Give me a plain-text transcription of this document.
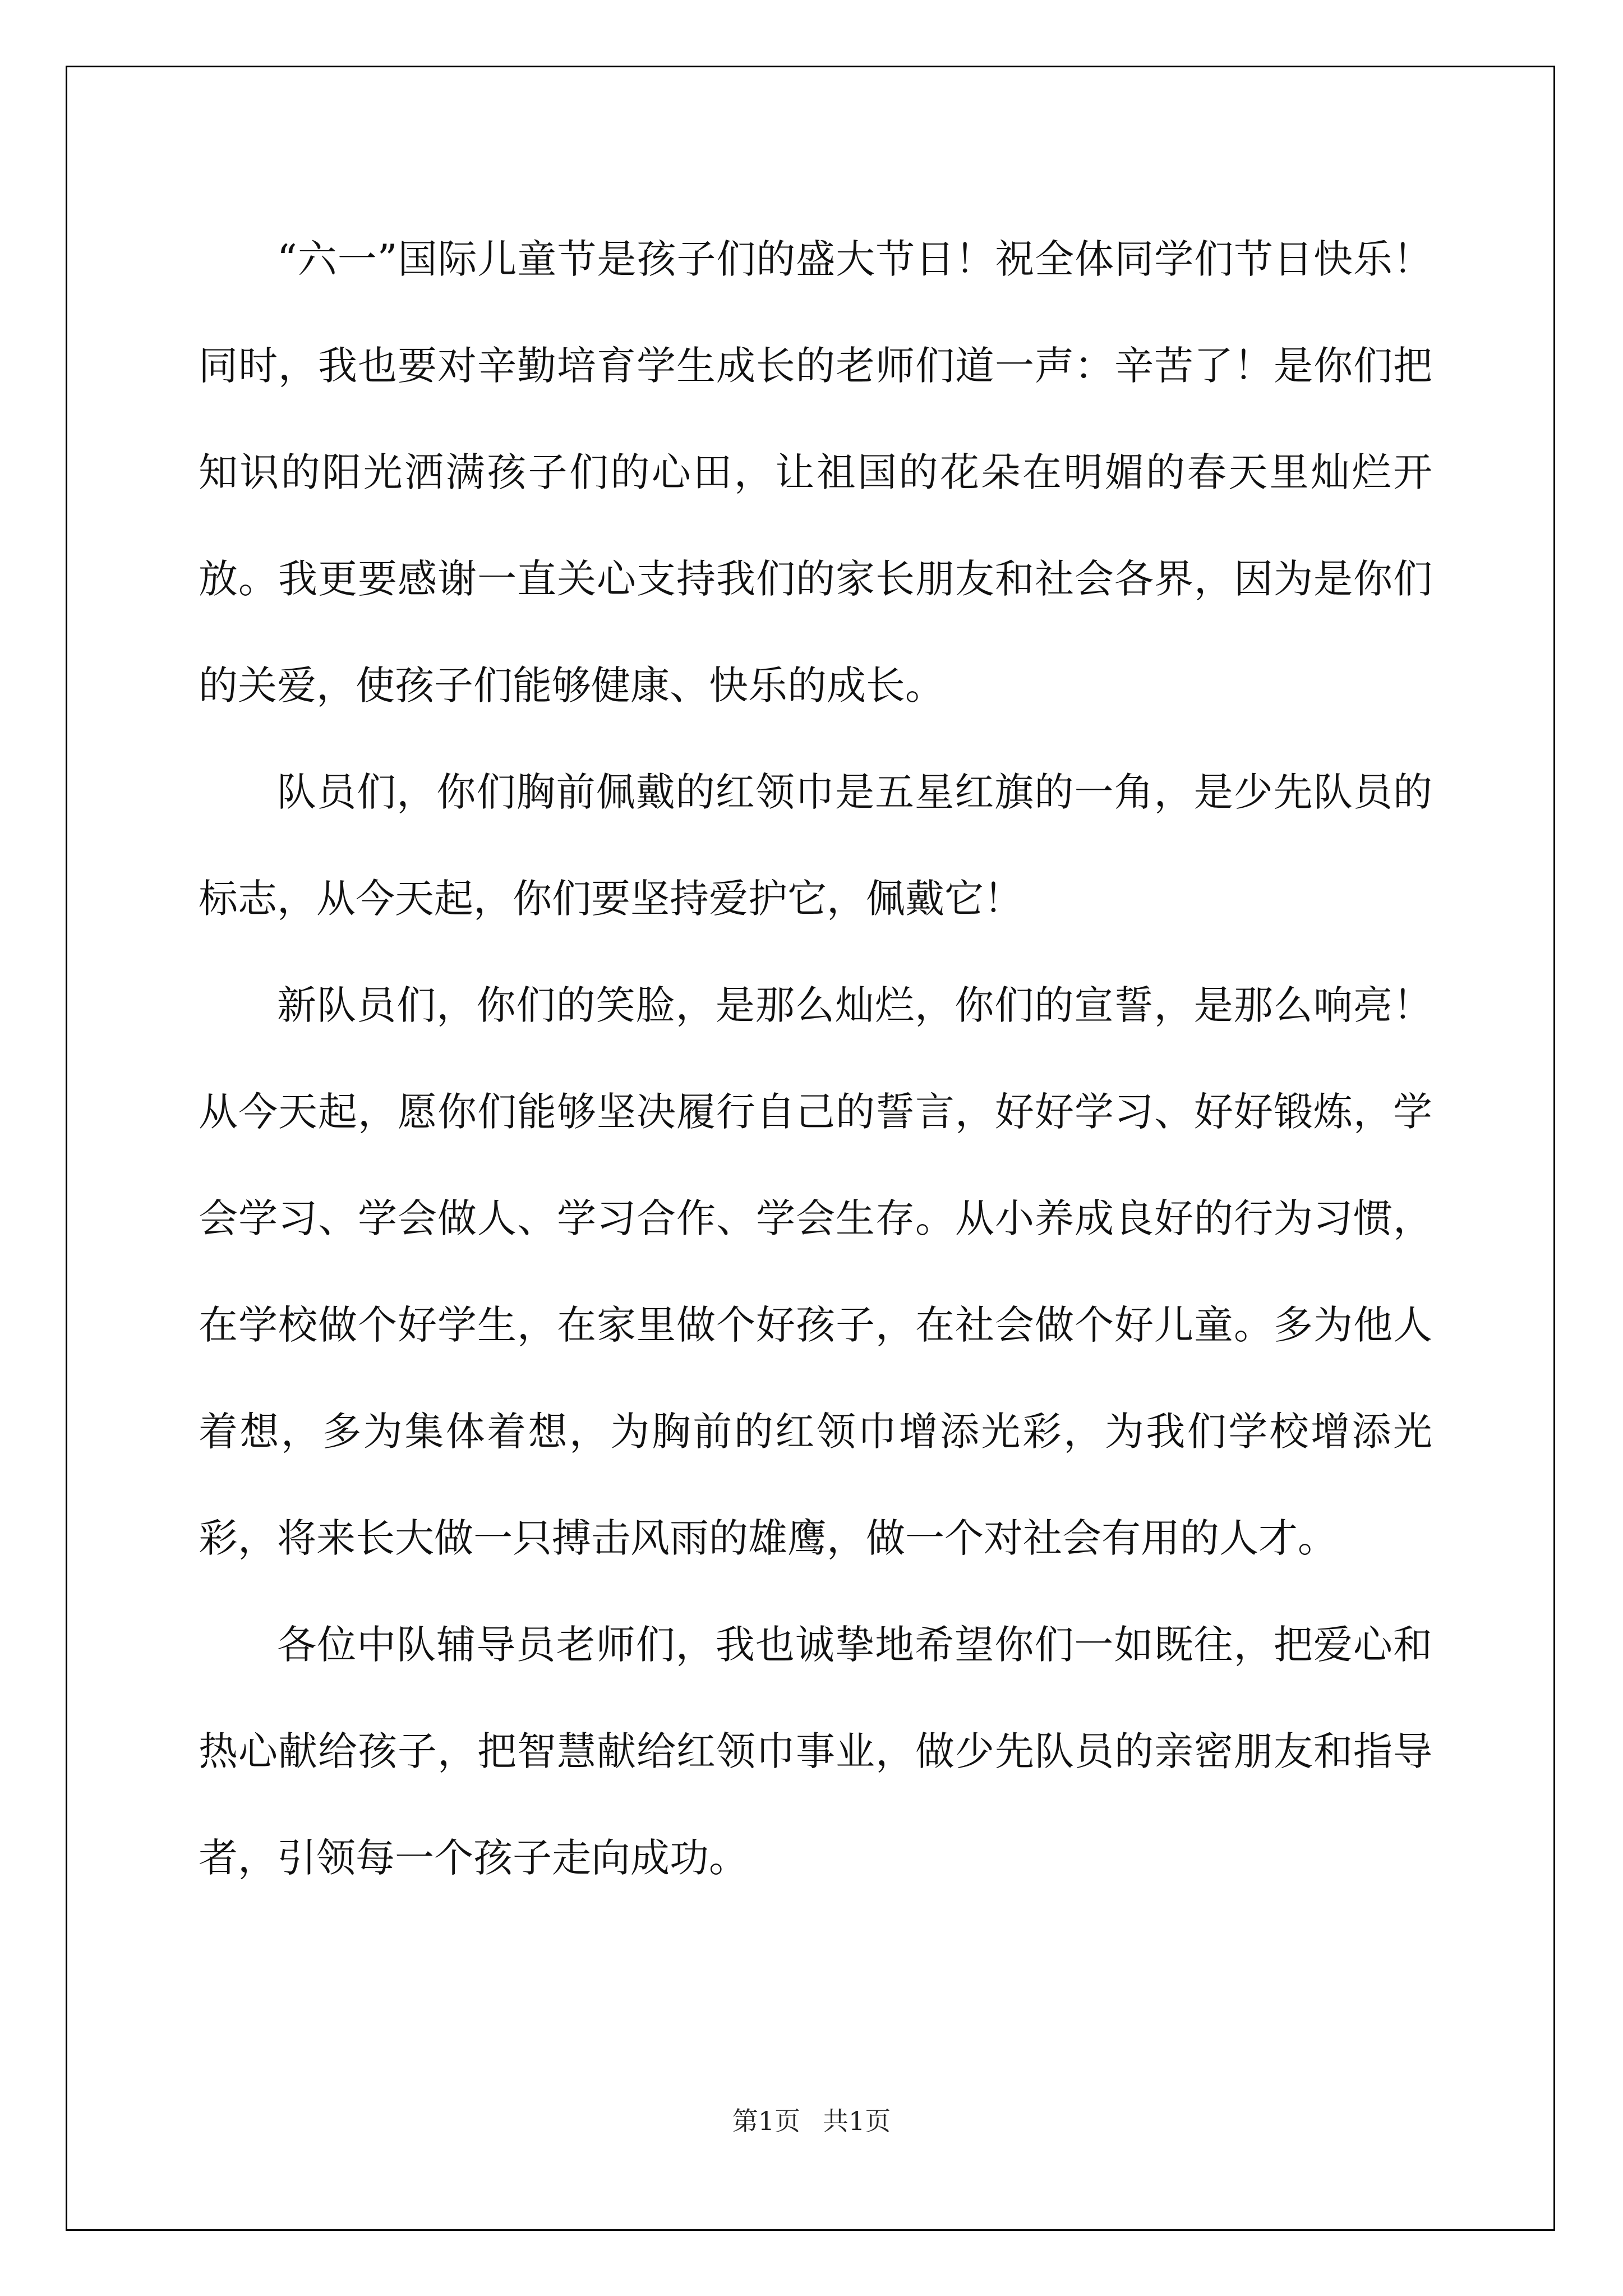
“六一”国际儿童节是孩子们的盛大节日！祝全体同学们节日快乐！同时，我也要对辛勤培育学生成长的老师们道一声：辛苦了！是你们把知识的阳光洒满孩子们的心田，让祖国的花朵在明媚的春天里灿烂开放。我更要感谢一直关心支持我们的家长朋友和社会各界，因为是你们的关爱，使孩子们能够健康、快乐的成长。

队员们，你们胸前佩戴的红领巾是五星红旗的一角，是少先队员的标志，从今天起，你们要坚持爱护它，佩戴它！

新队员们，你们的笑脸，是那么灿烂，你们的宣誓，是那么响亮！从今天起，愿你们能够坚决履行自己的誓言，好好学习、好好锻炼，学会学习、学会做人、学习合作、学会生存。从小养成良好的行为习惯，在学校做个好学生，在家里做个好孩子，在社会做个好儿童。多为他人着想，多为集体着想，为胸前的红领巾增添光彩，为我们学校增添光彩，将来长大做一只搏击风雨的雄鹰，做一个对社会有用的人才。

各位中队辅导员老师们，我也诚挚地希望你们一如既往，把爱心和热心献给孩子，把智慧献给红领巾事业，做少先队员的亲密朋友和指导者，引领每一个孩子走向成功。

第1页 共1页
